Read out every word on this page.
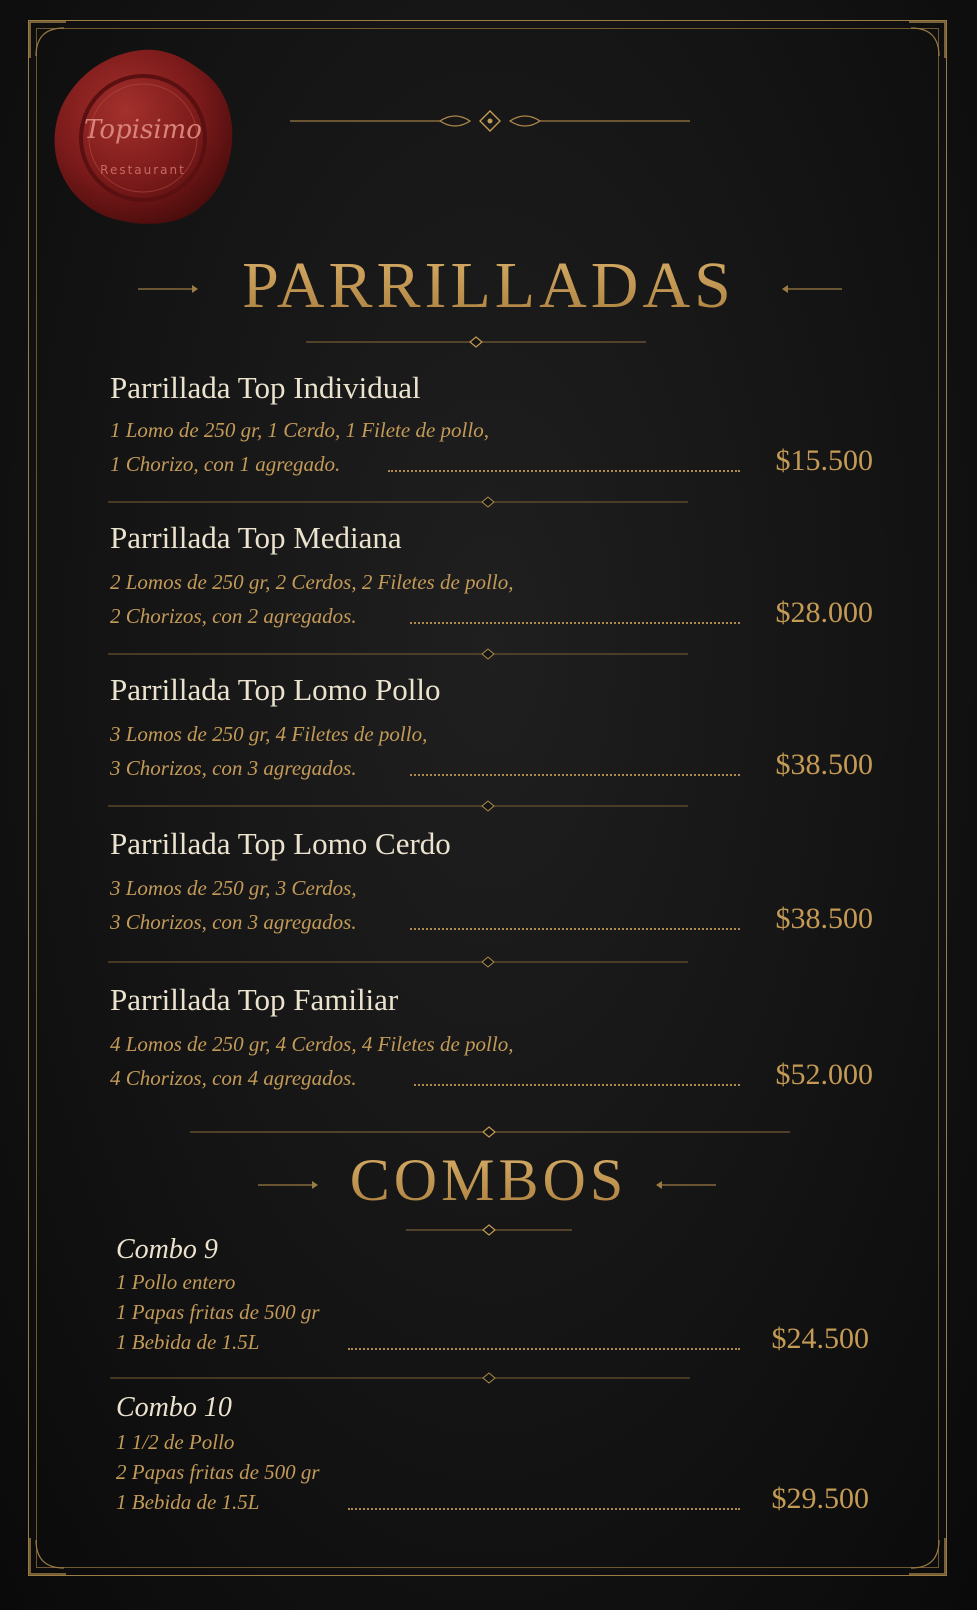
Topisimo
Restaurant
PARRILLADAS
Parrillada Top Individual
1 Lomo de 250 gr, 1 Cerdo, 1 Filete de pollo,
1 Chorizo, con 1 agregado.	$15.500
Parrillada Top Mediana
2 Lomos de 250 gr, 2 Cerdos, 2 Filetes de pollo,
2 Chorizos, con 2 agregados.	$28.000
Parrillada Top Lomo Pollo
3 Lomos de 250 gr, 4 Filetes de pollo,
3 Chorizos, con 3 agregados.	$38.500
Parrillada Top Lomo Cerdo
3 Lomos de 250 gr, 3 Cerdos,
3 Chorizos, con 3 agregados.	$38.500
Parrillada Top Familiar
4 Lomos de 250 gr, 4 Cerdos, 4 Filetes de pollo,
4 Chorizos, con 4 agregados.	$52.000
COMBOS
Combo 9
1 Pollo entero
1 Papas fritas de 500 gr
1 Bebida de 1.5L	$24.500
Combo 10
1 1/2 de Pollo
2 Papas fritas de 500 gr
1 Bebida de 1.5L	$29.500
